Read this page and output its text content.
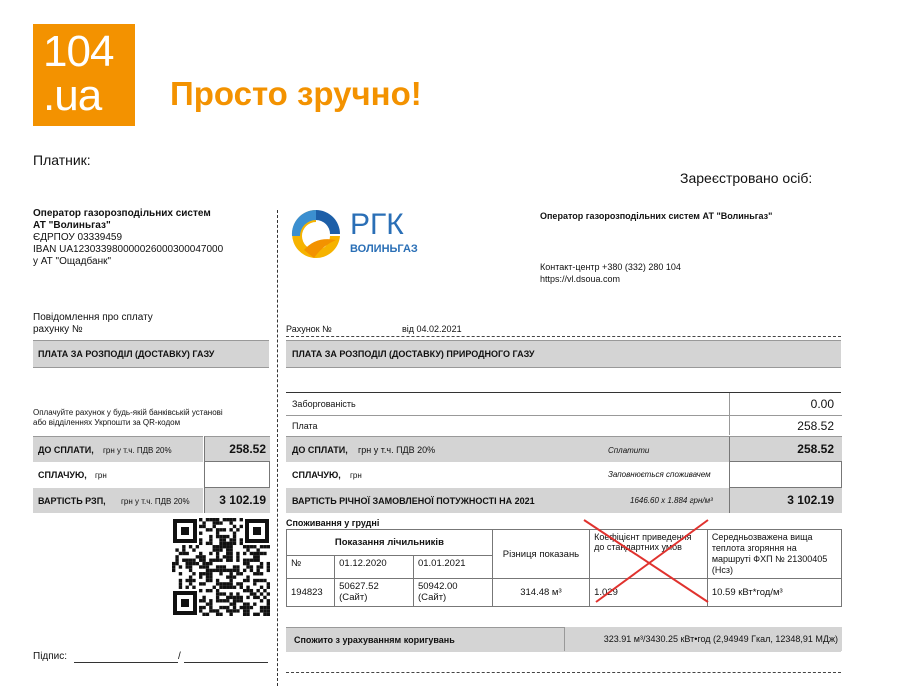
104
.ua Просто зручно!
Платник:
Зареєстровано осіб:
Оператор газорозподільних систем
АТ "Волиньгаз"
ЄДРПОУ 03339459
IBAN UA123033980000026000300047000
у АТ "Ощадбанк"
Повідомлення про сплату
рахунку №
ПЛАТА ЗА РОЗПОДІЛ (ДОСТАВКУ) ГАЗУ
Оплачуйте рахунок у будь-якій банківській установі
або відділеннях Укрпошти за QR-кодом
ДО СПЛАТИ, грн у т.ч. ПДВ 20%	258.52
СПЛАЧУЮ, грн
ВАРТІСТЬ РЗП, грн у т.ч. ПДВ 20% 3 102.19
Підпис:	/
РГК
ВОЛИНЬГАЗ
Оператор газорозподільних систем АТ "Волиньгаз"
Контакт-центр +380 (332) 280 104
https://vl.dsoua.com
Рахунок №	від 04.02.2021
ПЛАТА ЗА РОЗПОДІЛ (ДОСТАВКУ) ПРИРОДНОГО ГАЗУ
Заборгованість	0.00
Плата	258.52
ДО СПЛАТИ, грн у т.ч. ПДВ 20%	Сплатити	258.52
СПЛАЧУЮ, грн	Заповнюється споживачем
ВАРТІСТЬ РІЧНОЇ ЗАМОВЛЕНОЇ ПОТУЖНОСТІ НА 2021	1646.60 x 1.884 грн/м³	3 102.19
Споживання у грудні
Показання лічильників			Різниця показань	Коефіцієнт приведення до стандартних умов	Середньозважена вища теплота згоряння на маршруті ФХП № 21300405 (Нсз)
№	01.12.2020	01.01.2021			
194823	50627.52 (Сайт)	50942.00 (Сайт)	314.48 м³	1.029	10.59 кВт*год/м³
Спожито з урахуванням коригувань	323.91 м³/3430.25 кВт•год (2,94949 Гкал, 12348,91 МДж)
